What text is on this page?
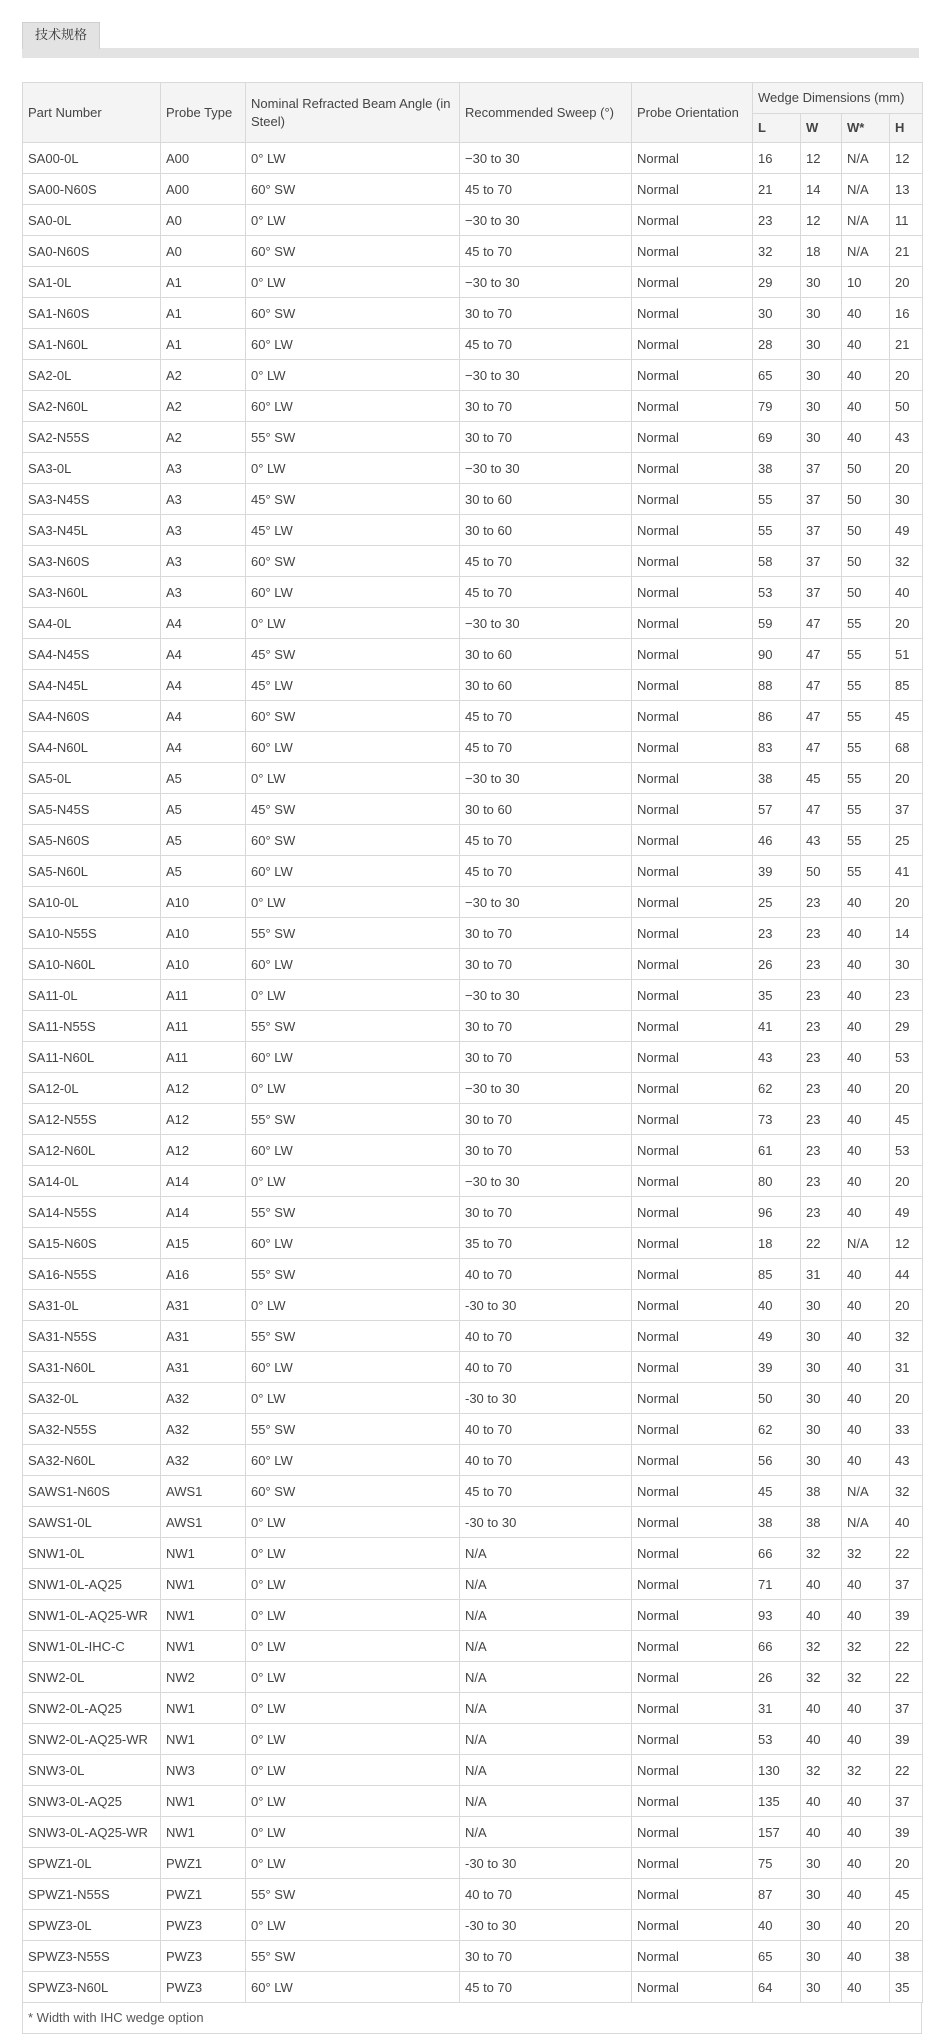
技术规格
Part Number	Probe Type	Nominal Refracted Beam Angle (in Steel)	Recommended Sweep (°)	Probe Orientation	Wedge Dimensions (mm)			
					L	W	W*	H
SA00-0L	A00	0° LW	−30 to 30	Normal	16	12	N/A	12
SA00-N60S	A00	60° SW	45 to 70	Normal	21	14	N/A	13
SA0-0L	A0	0° LW	−30 to 30	Normal	23	12	N/A	11
SA0-N60S	A0	60° SW	45 to 70	Normal	32	18	N/A	21
SA1-0L	A1	0° LW	−30 to 30	Normal	29	30	10	20
SA1-N60S	A1	60° SW	30 to 70	Normal	30	30	40	16
SA1-N60L	A1	60° LW	45 to 70	Normal	28	30	40	21
SA2-0L	A2	0° LW	−30 to 30	Normal	65	30	40	20
SA2-N60L	A2	60° LW	30 to 70	Normal	79	30	40	50
SA2-N55S	A2	55° SW	30 to 70	Normal	69	30	40	43
SA3-0L	A3	0° LW	−30 to 30	Normal	38	37	50	20
SA3-N45S	A3	45° SW	30 to 60	Normal	55	37	50	30
SA3-N45L	A3	45° LW	30 to 60	Normal	55	37	50	49
SA3-N60S	A3	60° SW	45 to 70	Normal	58	37	50	32
SA3-N60L	A3	60° LW	45 to 70	Normal	53	37	50	40
SA4-0L	A4	0° LW	−30 to 30	Normal	59	47	55	20
SA4-N45S	A4	45° SW	30 to 60	Normal	90	47	55	51
SA4-N45L	A4	45° LW	30 to 60	Normal	88	47	55	85
SA4-N60S	A4	60° SW	45 to 70	Normal	86	47	55	45
SA4-N60L	A4	60° LW	45 to 70	Normal	83	47	55	68
SA5-0L	A5	0° LW	−30 to 30	Normal	38	45	55	20
SA5-N45S	A5	45° SW	30 to 60	Normal	57	47	55	37
SA5-N60S	A5	60° SW	45 to 70	Normal	46	43	55	25
SA5-N60L	A5	60° LW	45 to 70	Normal	39	50	55	41
SA10-0L	A10	0° LW	−30 to 30	Normal	25	23	40	20
SA10-N55S	A10	55° SW	30 to 70	Normal	23	23	40	14
SA10-N60L	A10	60° LW	30 to 70	Normal	26	23	40	30
SA11-0L	A11	0° LW	−30 to 30	Normal	35	23	40	23
SA11-N55S	A11	55° SW	30 to 70	Normal	41	23	40	29
SA11-N60L	A11	60° LW	30 to 70	Normal	43	23	40	53
SA12-0L	A12	0° LW	−30 to 30	Normal	62	23	40	20
SA12-N55S	A12	55° SW	30 to 70	Normal	73	23	40	45
SA12-N60L	A12	60° LW	30 to 70	Normal	61	23	40	53
SA14-0L	A14	0° LW	−30 to 30	Normal	80	23	40	20
SA14-N55S	A14	55° SW	30 to 70	Normal	96	23	40	49
SA15-N60S	A15	60° LW	35 to 70	Normal	18	22	N/A	12
SA16-N55S	A16	55° SW	40 to 70	Normal	85	31	40	44
SA31-0L	A31	0° LW	-30 to 30	Normal	40	30	40	20
SA31-N55S	A31	55° SW	40 to 70	Normal	49	30	40	32
SA31-N60L	A31	60° LW	40 to 70	Normal	39	30	40	31
SA32-0L	A32	0° LW	-30 to 30	Normal	50	30	40	20
SA32-N55S	A32	55° SW	40 to 70	Normal	62	30	40	33
SA32-N60L	A32	60° LW	40 to 70	Normal	56	30	40	43
SAWS1-N60S	AWS1	60° SW	45 to 70	Normal	45	38	N/A	32
SAWS1-0L	AWS1	0° LW	-30 to 30	Normal	38	38	N/A	40
SNW1-0L	NW1	0° LW	N/A	Normal	66	32	32	22
SNW1-0L-AQ25	NW1	0° LW	N/A	Normal	71	40	40	37
SNW1-0L-AQ25-WR	NW1	0° LW	N/A	Normal	93	40	40	39
SNW1-0L-IHC-C	NW1	0° LW	N/A	Normal	66	32	32	22
SNW2-0L	NW2	0° LW	N/A	Normal	26	32	32	22
SNW2-0L-AQ25	NW1	0° LW	N/A	Normal	31	40	40	37
SNW2-0L-AQ25-WR	NW1	0° LW	N/A	Normal	53	40	40	39
SNW3-0L	NW3	0° LW	N/A	Normal	130	32	32	22
SNW3-0L-AQ25	NW1	0° LW	N/A	Normal	135	40	40	37
SNW3-0L-AQ25-WR	NW1	0° LW	N/A	Normal	157	40	40	39
SPWZ1-0L	PWZ1	0° LW	-30 to 30	Normal	75	30	40	20
SPWZ1-N55S	PWZ1	55° SW	40 to 70	Normal	87	30	40	45
SPWZ3-0L	PWZ3	0° LW	-30 to 30	Normal	40	30	40	20
SPWZ3-N55S	PWZ3	55° SW	30 to 70	Normal	65	30	40	38
SPWZ3-N60L	PWZ3	60° LW	45 to 70	Normal	64	30	40	35
* Width with IHC wedge option
